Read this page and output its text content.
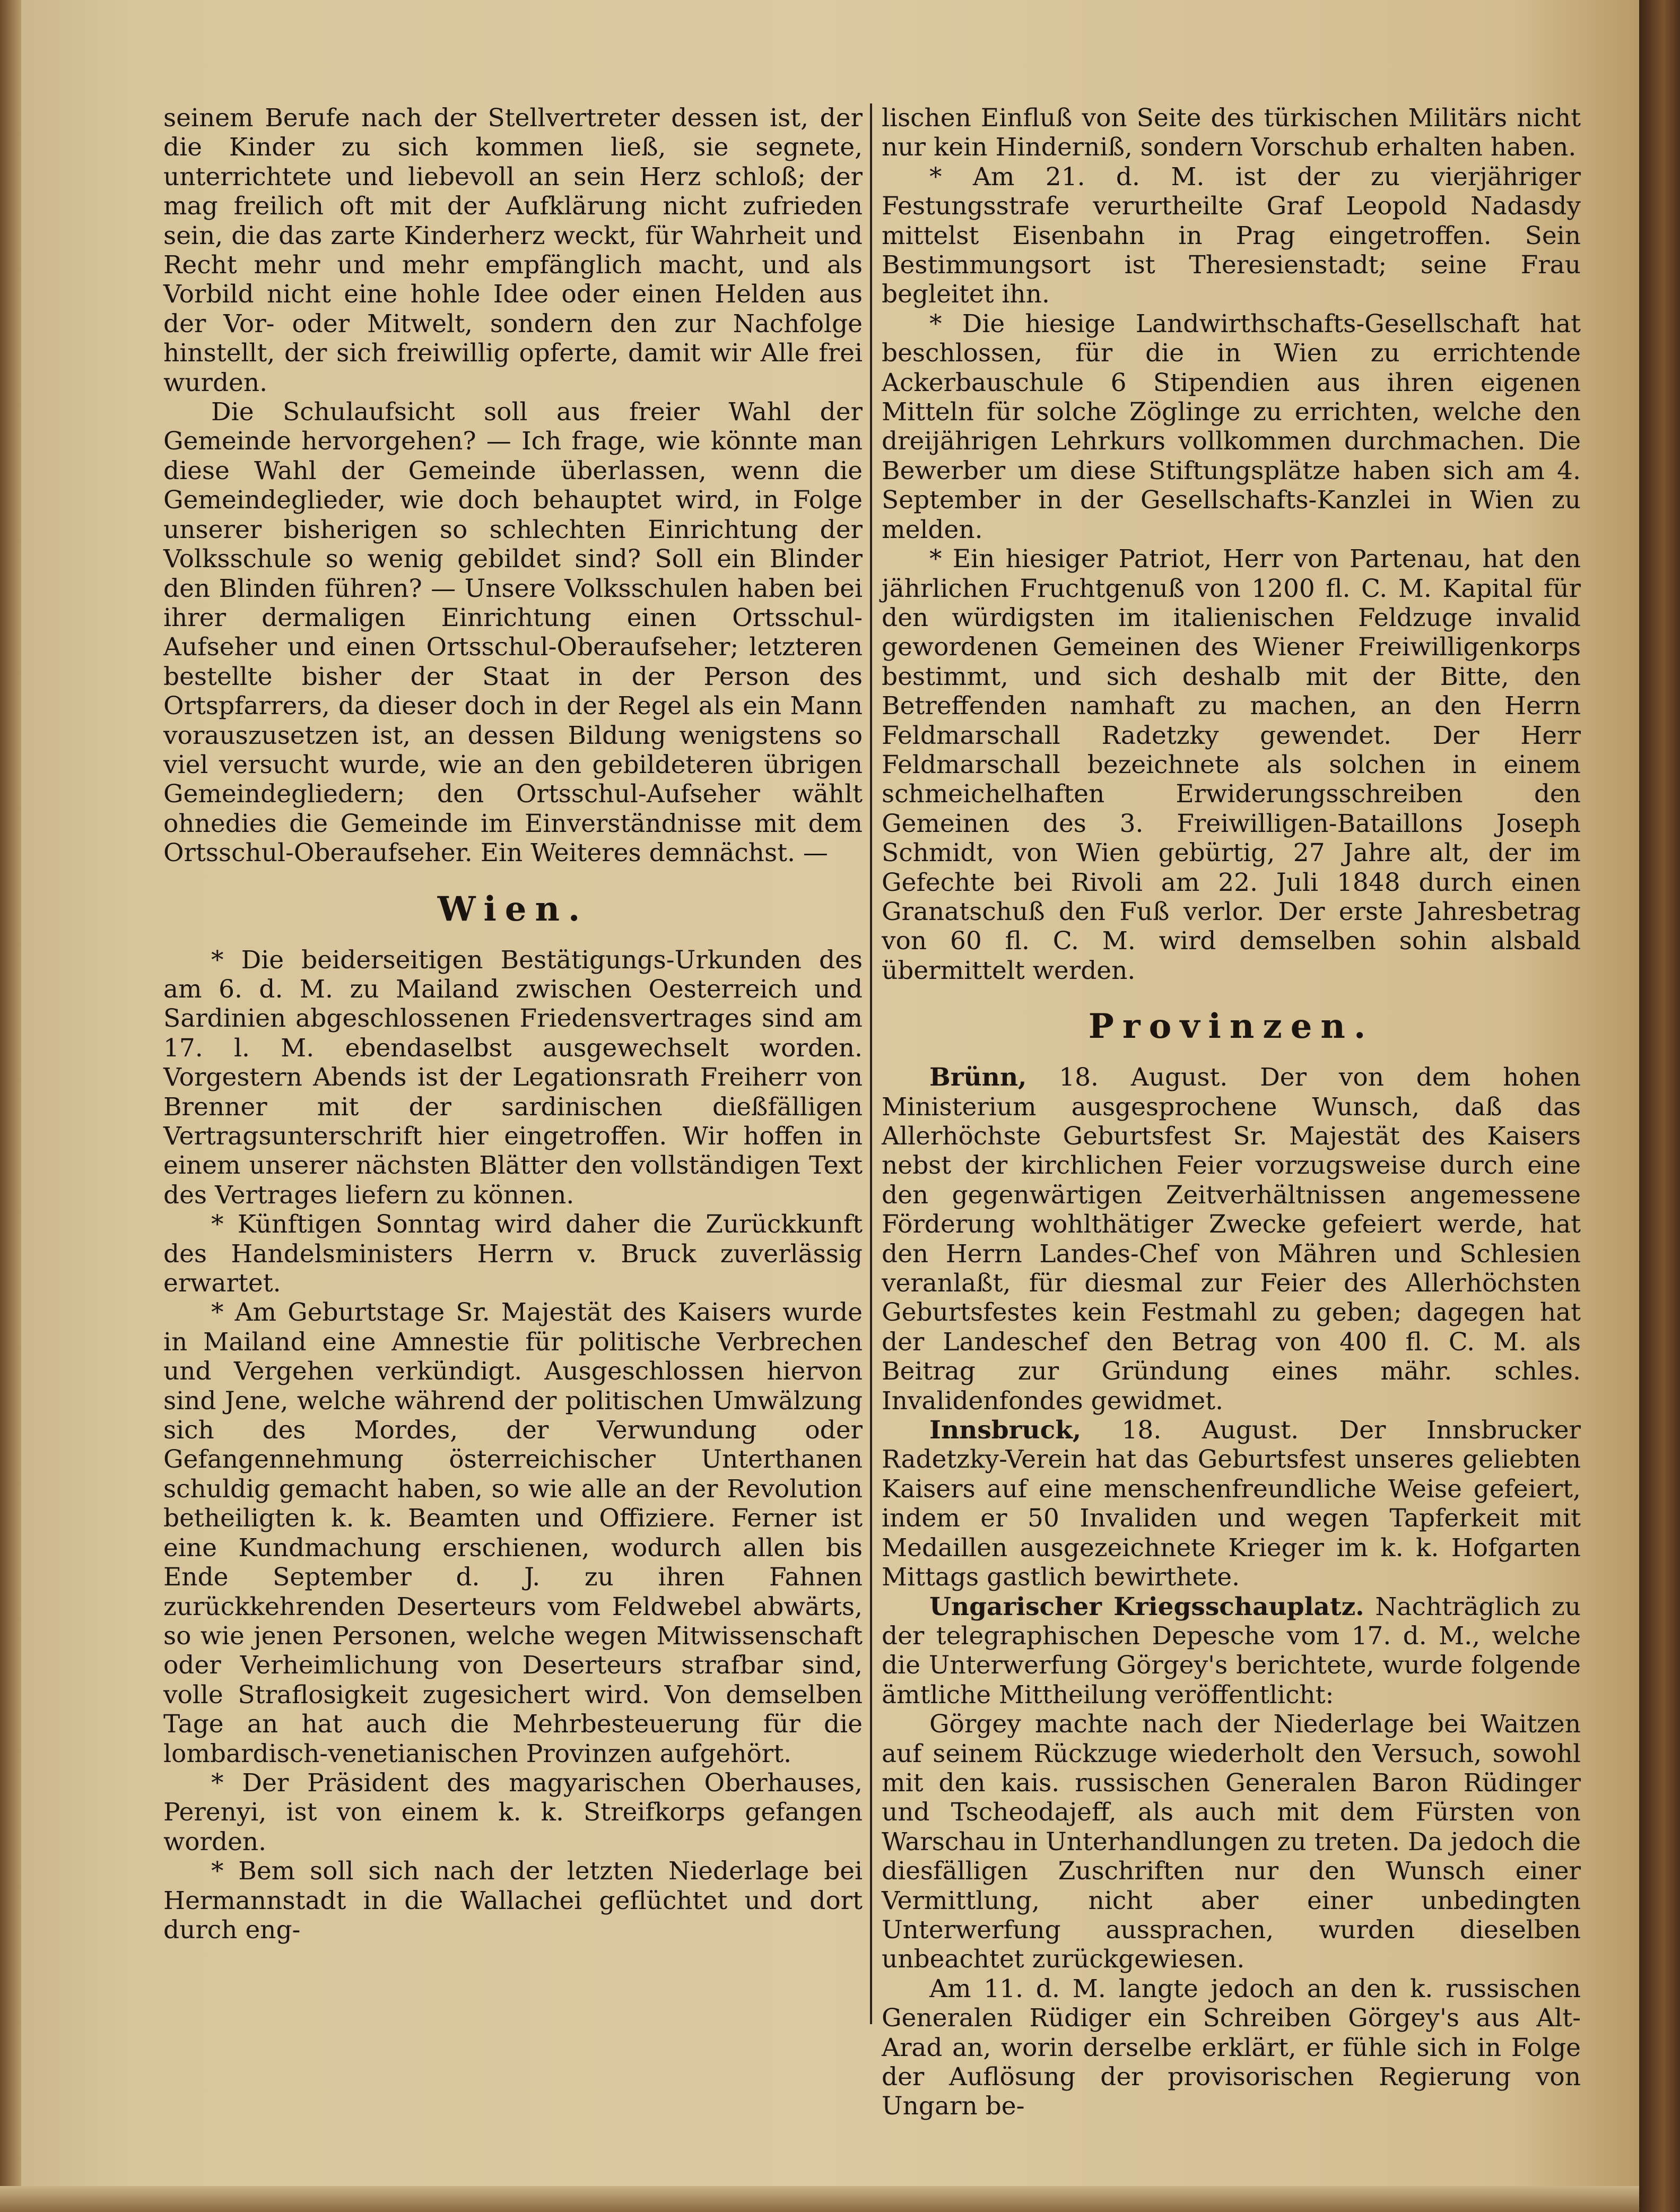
seinem Berufe nach der Stellvertreter dessen ist, der die Kinder zu sich kommen ließ, sie segnete, unterrichtete und liebevoll an sein Herz schloß; der mag freilich oft mit der Aufklärung nicht zufrieden sein, die das zarte Kinderherz weckt, für Wahrheit und Recht mehr und mehr empfänglich macht, und als Vorbild nicht eine hohle Idee oder einen Helden aus der Vor- oder Mitwelt, sondern den zur Nachfolge hinstellt, der sich freiwillig opferte, damit wir Alle frei wurden.

Die Schulaufsicht soll aus freier Wahl der Gemeinde hervorgehen? — Ich frage, wie könnte man diese Wahl der Gemeinde überlassen, wenn die Gemeindeglieder, wie doch behauptet wird, in Folge unserer bisherigen so schlechten Einrichtung der Volksschule so wenig gebildet sind? Soll ein Blinder den Blinden führen? — Unsere Volksschulen haben bei ihrer dermaligen Einrichtung einen Ortsschul-Aufseher und einen Ortsschul-Oberaufseher; letzteren bestellte bisher der Staat in der Person des Ortspfarrers, da dieser doch in der Regel als ein Mann vorauszusetzen ist, an dessen Bildung wenigstens so viel versucht wurde, wie an den gebildeteren übrigen Gemeindegliedern; den Ortsschul-Aufseher wählt ohnedies die Gemeinde im Einverständnisse mit dem Ortsschul-Oberaufseher. Ein Weiteres demnächst. —

Wien.

* Die beiderseitigen Bestätigungs-Urkunden des am 6. d. M. zu Mailand zwischen Oesterreich und Sardinien abgeschlossenen Friedensvertrages sind am 17. l. M. ebendaselbst ausgewechselt worden. Vorgestern Abends ist der Legationsrath Freiherr von Brenner mit der sardinischen dießfälligen Vertragsunterschrift hier eingetroffen. Wir hoffen in einem unserer nächsten Blätter den vollständigen Text des Vertrages liefern zu können.

* Künftigen Sonntag wird daher die Zurückkunft des Handelsministers Herrn v. Bruck zuverlässig erwartet.

* Am Geburtstage Sr. Majestät des Kaisers wurde in Mailand eine Amnestie für politische Verbrechen und Vergehen verkündigt. Ausgeschlossen hiervon sind Jene, welche während der politischen Umwälzung sich des Mordes, der Verwundung oder Gefangennehmung österreichischer Unterthanen schuldig gemacht haben, so wie alle an der Revolution betheiligten k. k. Beamten und Offiziere. Ferner ist eine Kundmachung erschienen, wodurch allen bis Ende September d. J. zu ihren Fahnen zurückkehrenden Deserteurs vom Feldwebel abwärts, so wie jenen Personen, welche wegen Mitwissenschaft oder Verheimlichung von Deserteurs strafbar sind, volle Straflosigkeit zugesichert wird. Von demselben Tage an hat auch die Mehrbesteuerung für die lombardisch-venetianischen Provinzen aufgehört.

* Der Präsident des magyarischen Oberhauses, Perenyi, ist von einem k. k. Streifkorps gefangen worden.

* Bem soll sich nach der letzten Niederlage bei Hermannstadt in die Wallachei geflüchtet und dort durch eng-

lischen Einfluß von Seite des türkischen Militärs nicht nur kein Hinderniß, sondern Vorschub erhalten haben.

* Am 21. d. M. ist der zu vierjähriger Festungsstrafe verurtheilte Graf Leopold Nadasdy mittelst Eisenbahn in Prag eingetroffen. Sein Bestimmungsort ist Theresienstadt; seine Frau begleitet ihn.

* Die hiesige Landwirthschafts-Gesellschaft hat beschlossen, für die in Wien zu errichtende Ackerbauschule 6 Stipendien aus ihren eigenen Mitteln für solche Zöglinge zu errichten, welche den dreijährigen Lehrkurs vollkommen durchmachen. Die Bewerber um diese Stiftungsplätze haben sich am 4. September in der Gesellschafts-Kanzlei in Wien zu melden.

* Ein hiesiger Patriot, Herr von Partenau, hat den jährlichen Fruchtgenuß von 1200 fl. C. M. Kapital für den würdigsten im italienischen Feldzuge invalid gewordenen Gemeinen des Wiener Freiwilligenkorps bestimmt, und sich deshalb mit der Bitte, den Betreffenden namhaft zu machen, an den Herrn Feldmarschall Radetzky gewendet. Der Herr Feldmarschall bezeichnete als solchen in einem schmeichelhaften Erwiderungsschreiben den Gemeinen des 3. Freiwilligen-Bataillons Joseph Schmidt, von Wien gebürtig, 27 Jahre alt, der im Gefechte bei Rivoli am 22. Juli 1848 durch einen Granatschuß den Fuß verlor. Der erste Jahresbetrag von 60 fl. C. M. wird demselben sohin alsbald übermittelt werden.

Provinzen.

Brünn, 18. August. Der von dem hohen Ministerium ausgesprochene Wunsch, daß das Allerhöchste Geburtsfest Sr. Majestät des Kaisers nebst der kirchlichen Feier vorzugsweise durch eine den gegenwärtigen Zeitverhältnissen angemessene Förderung wohlthätiger Zwecke gefeiert werde, hat den Herrn Landes-Chef von Mähren und Schlesien veranlaßt, für diesmal zur Feier des Allerhöchsten Geburtsfestes kein Festmahl zu geben; dagegen hat der Landeschef den Betrag von 400 fl. C. M. als Beitrag zur Gründung eines mähr. schles. Invalidenfondes gewidmet.

Innsbruck, 18. August. Der Innsbrucker Radetzky-Verein hat das Geburtsfest unseres geliebten Kaisers auf eine menschenfreundliche Weise gefeiert, indem er 50 Invaliden und wegen Tapferkeit mit Medaillen ausgezeichnete Krieger im k. k. Hofgarten Mittags gastlich bewirthete.

Ungarischer Kriegsschauplatz. Nachträglich zu der telegraphischen Depesche vom 17. d. M., welche die Unterwerfung Görgey's berichtete, wurde folgende ämtliche Mittheilung veröffentlicht:

Görgey machte nach der Niederlage bei Waitzen auf seinem Rückzuge wiederholt den Versuch, sowohl mit den kais. russischen Generalen Baron Rüdinger und Tscheodajeff, als auch mit dem Fürsten von Warschau in Unterhandlungen zu treten. Da jedoch die diesfälligen Zuschriften nur den Wunsch einer Vermittlung, nicht aber einer unbedingten Unterwerfung aussprachen, wurden dieselben unbeachtet zurückgewiesen.

Am 11. d. M. langte jedoch an den k. russischen Generalen Rüdiger ein Schreiben Görgey's aus Alt-Arad an, worin derselbe erklärt, er fühle sich in Folge der Auflösung der provisorischen Regierung von Ungarn be-
